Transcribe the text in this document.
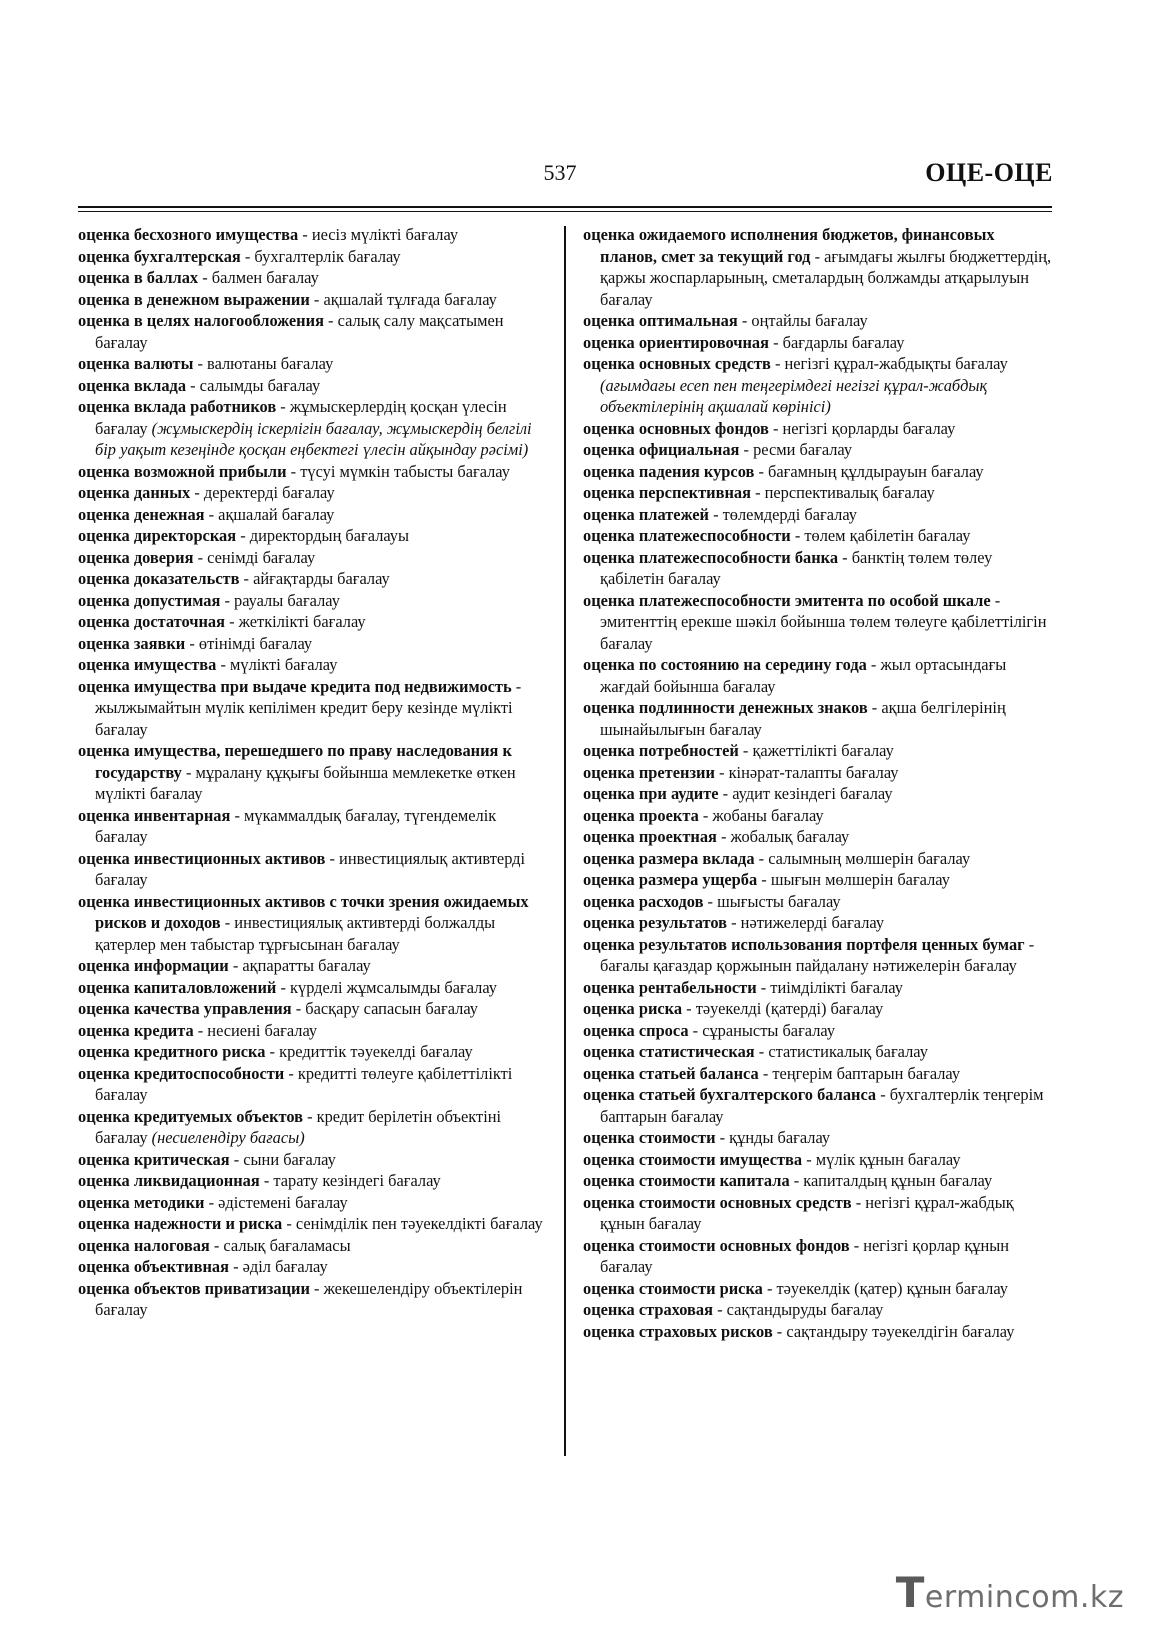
537	ОЦЕ-ОЦЕ

оценка бесхозного имущества - иесіз мүлікті бағалау

оценка бухгалтерская - бухгалтерлік бағалау

оценка в баллах - балмен бағалау

оценка в денежном выражении - ақшалай тұлғада бағалау

оценка в целях налогообложения - салық салу мақсатымен бағалау

оценка валюты - валютаны бағалау

оценка вклада - салымды бағалау

оценка вклада работников - жұмыскерлердің қосқан үлесін бағалау (жұмыскердің іскерлігін бағалау, жұмыскердің белгілі бір уақыт кезеңінде қосқан еңбектегі үлесін айқындау рәсімі)

оценка возможной прибыли - түсуі мүмкін табысты бағалау

оценка данных - деректерді бағалау

оценка денежная - ақшалай бағалау

оценка директорская - директордың бағалауы

оценка доверия - сенімді бағалау

оценка доказательств - айғақтарды бағалау

оценка допустимая - рауалы бағалау

оценка достаточная - жеткілікті бағалау

оценка заявки - өтінімді бағалау

оценка имущества - мүлікті бағалау

оценка имущества при выдаче кредита под недвижимость - жылжымайтын мүлік кепілімен кредит беру кезінде мүлікті бағалау

оценка имущества, перешедшего по праву наследования к государству - мұралану құқығы бойынша мемлекетке өткен мүлікті бағалау

оценка инвентарная - мүкаммалдық бағалау, түгендемелік бағалау

оценка инвестиционных активов - инвестициялық активтерді бағалау

оценка инвестиционных активов с точки зрения ожидаемых рисков и доходов - инвестициялық активтерді болжалды қатерлер мен табыстар тұрғысынан бағалау

оценка информации - ақпаратты бағалау

оценка капиталовложений - күрделі жұмсалымды бағалау

оценка качества управления - басқару сапасын бағалау

оценка кредита - несиені бағалау

оценка кредитного риска - кредиттік тәуекелді бағалау

оценка кредитоспособности - кредитті төлеуге қабілеттілікті бағалау

оценка кредитуемых объектов - кредит берілетін объектіні бағалау (несиелендіру бағасы)

оценка критическая - сыни бағалау

оценка ликвидационная - тарату кезіндегі бағалау

оценка методики - әдістемені бағалау

оценка надежности и риска - сенімділік пен тәуекелдікті бағалау

оценка налоговая - салық бағаламасы

оценка объективная - әділ бағалау

оценка объектов приватизации - жекешелендіру объектілерін бағалау

оценка ожидаемого исполнения бюджетов, финансовых планов, смет за текущий год - ағымдағы жылғы бюджеттердің, қаржы жоспарларының, сметалардың болжамды атқарылуын бағалау

оценка оптимальная - оңтайлы бағалау

оценка ориентировочная - бағдарлы бағалау

оценка основных средств - негізгі құрал-жабдықты бағалау (ағымдағы есеп пен теңгерімдегі негізгі құрал-жабдық объектілерінің ақшалай көрінісі)

оценка основных фондов - негізгі қорларды бағалау

оценка официальная - ресми бағалау

оценка падения курсов - бағамның құлдырауын бағалау

оценка перспективная - перспективалық бағалау

оценка платежей - төлемдерді бағалау

оценка платежеспособности - төлем қабілетін бағалау

оценка платежеспособности банка - банктің төлем төлеу қабілетін бағалау

оценка платежеспособности эмитента по особой шкале - эмитенттің ерекше шәкіл бойынша төлем төлеуге қабілеттілігін бағалау

оценка по состоянию на середину года - жыл ортасындағы жағдай бойынша бағалау

оценка подлинности денежных знаков - ақша белгілерінің шынайылығын бағалау

оценка потребностей - қажеттілікті бағалау

оценка претензии - кінәрат-талапты бағалау

оценка при аудите - аудит кезіндегі бағалау

оценка проекта - жобаны бағалау

оценка проектная - жобалық бағалау

оценка размера вклада - салымның мөлшерін бағалау

оценка размера ущерба - шығын мөлшерін бағалау

оценка расходов - шығысты бағалау

оценка результатов - нәтижелерді бағалау

оценка результатов использования портфеля ценных бумаг - бағалы қағаздар қоржынын пайдалану нәтижелерін бағалау

оценка рентабельности - тиімділікті бағалау

оценка риска - тәуекелді (қатерді) бағалау

оценка спроса - сұранысты бағалау

оценка статистическая - статистикалық бағалау

оценка статьей баланса - теңгерім баптарын бағалау

оценка статьей бухгалтерского баланса - бухгалтерлік теңгерім баптарын бағалау

оценка стоимости - құнды бағалау

оценка стоимости имущества - мүлік құнын бағалау

оценка стоимости капитала - капиталдың құнын бағалау

оценка стоимости основных средств - негізгі құрал-жабдық құнын бағалау

оценка стоимости основных фондов - негізгі қорлар құнын бағалау

оценка стоимости риска - тәуекелдік (қатер) құнын бағалау

оценка страховая - сақтандыруды бағалау

оценка страховых рисков - сақтандыру тәуекелдігін бағалау

Termincom.kz
